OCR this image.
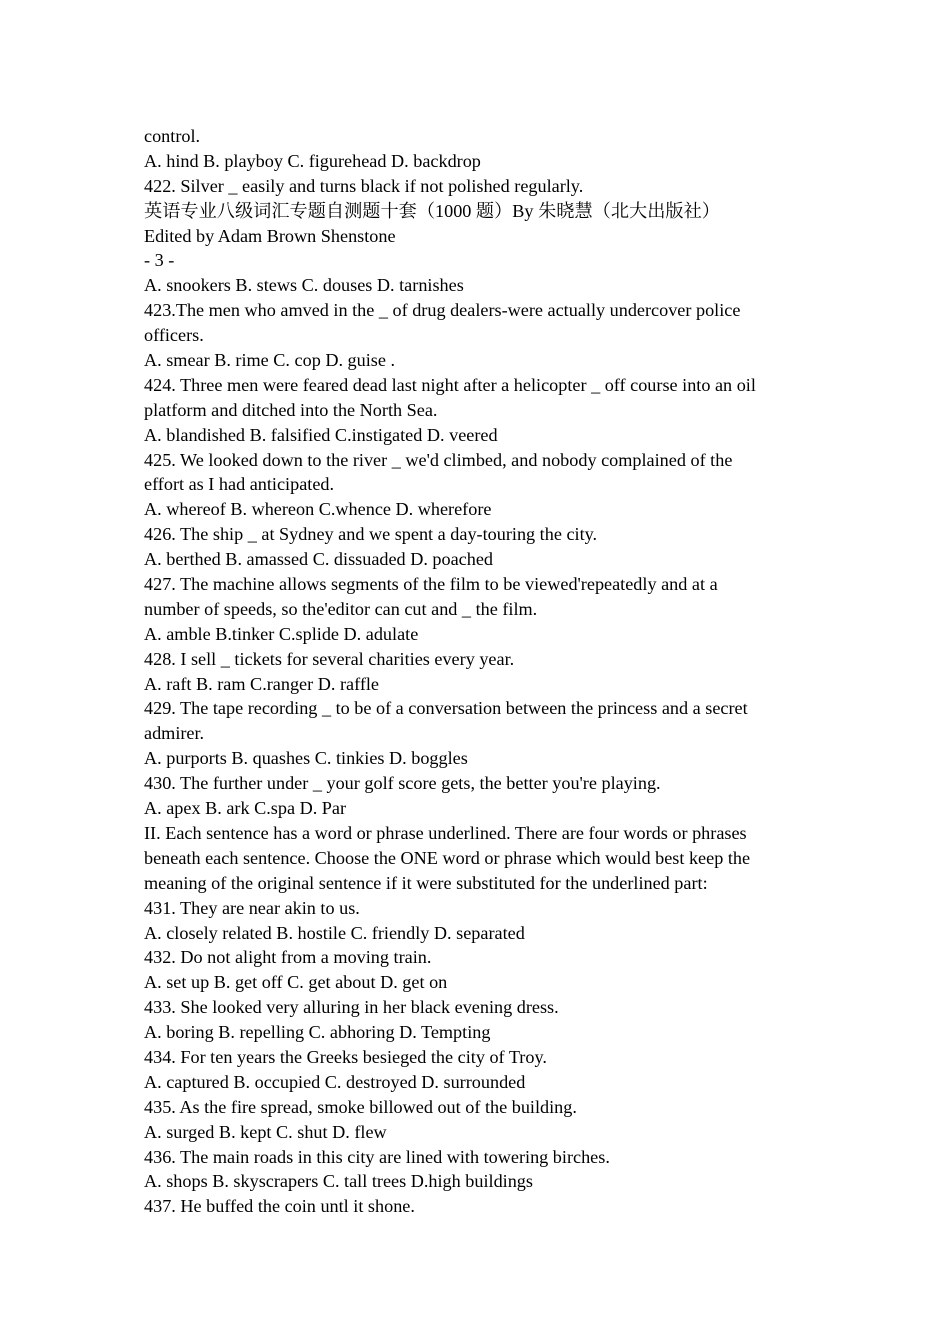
control.
A. hind B. playboy C. figurehead D. backdrop
422. Silver _ easily and turns black if not polished regularly.
英语专业八级词汇专题自测题十套（1000 题）By 朱晓慧（北大出版社）
Edited by Adam Brown Shenstone
- 3 -
A. snookers B. stews C. douses D. tarnishes
423.The men who amved in the _ of drug dealers-were actually undercover police
officers.
A. smear B. rime C. cop D. guise .
424. Three men were feared dead last night after a helicopter _ off course into an oil
platform and ditched into the North Sea.
A. blandished B. falsified C.instigated D. veered
425. We looked down to the river _ we'd climbed, and nobody complained of the
effort as I had anticipated.
A. whereof B. whereon C.whence D. wherefore
426. The ship _ at Sydney and we spent a day-touring the city.
A. berthed B. amassed C. dissuaded D. poached
427. The machine allows segments of the film to be viewed'repeatedly and at a
number of speeds, so the'editor can cut and _ the film.
A. amble B.tinker C.splide D. adulate
428. I sell _ tickets for several charities every year.
A. raft B. ram C.ranger D. raffle
429. The tape recording _ to be of a conversation between the princess and a secret
admirer.
A. purports B. quashes C. tinkies D. boggles
430. The further under _ your golf score gets, the better you're playing.
A. apex B. ark C.spa D. Par
II. Each sentence has a word or phrase underlined. There are four words or phrases
beneath each sentence. Choose the ONE word or phrase which would best keep the
meaning of the original sentence if it were substituted for the underlined part:
431. They are near akin to us.
A. closely related B. hostile C. friendly D. separated
432. Do not alight from a moving train.
A. set up B. get off C. get about D. get on
433. She looked very alluring in her black evening dress.
A. boring B. repelling C. abhoring D. Tempting
434. For ten years the Greeks besieged the city of Troy.
A. captured B. occupied C. destroyed D. surrounded
435. As the fire spread, smoke billowed out of the building.
A. surged B. kept C. shut D. flew
436. The main roads in this city are lined with towering birches.
A. shops B. skyscrapers C. tall trees D.high buildings
437. He buffed the coin untl it shone.
